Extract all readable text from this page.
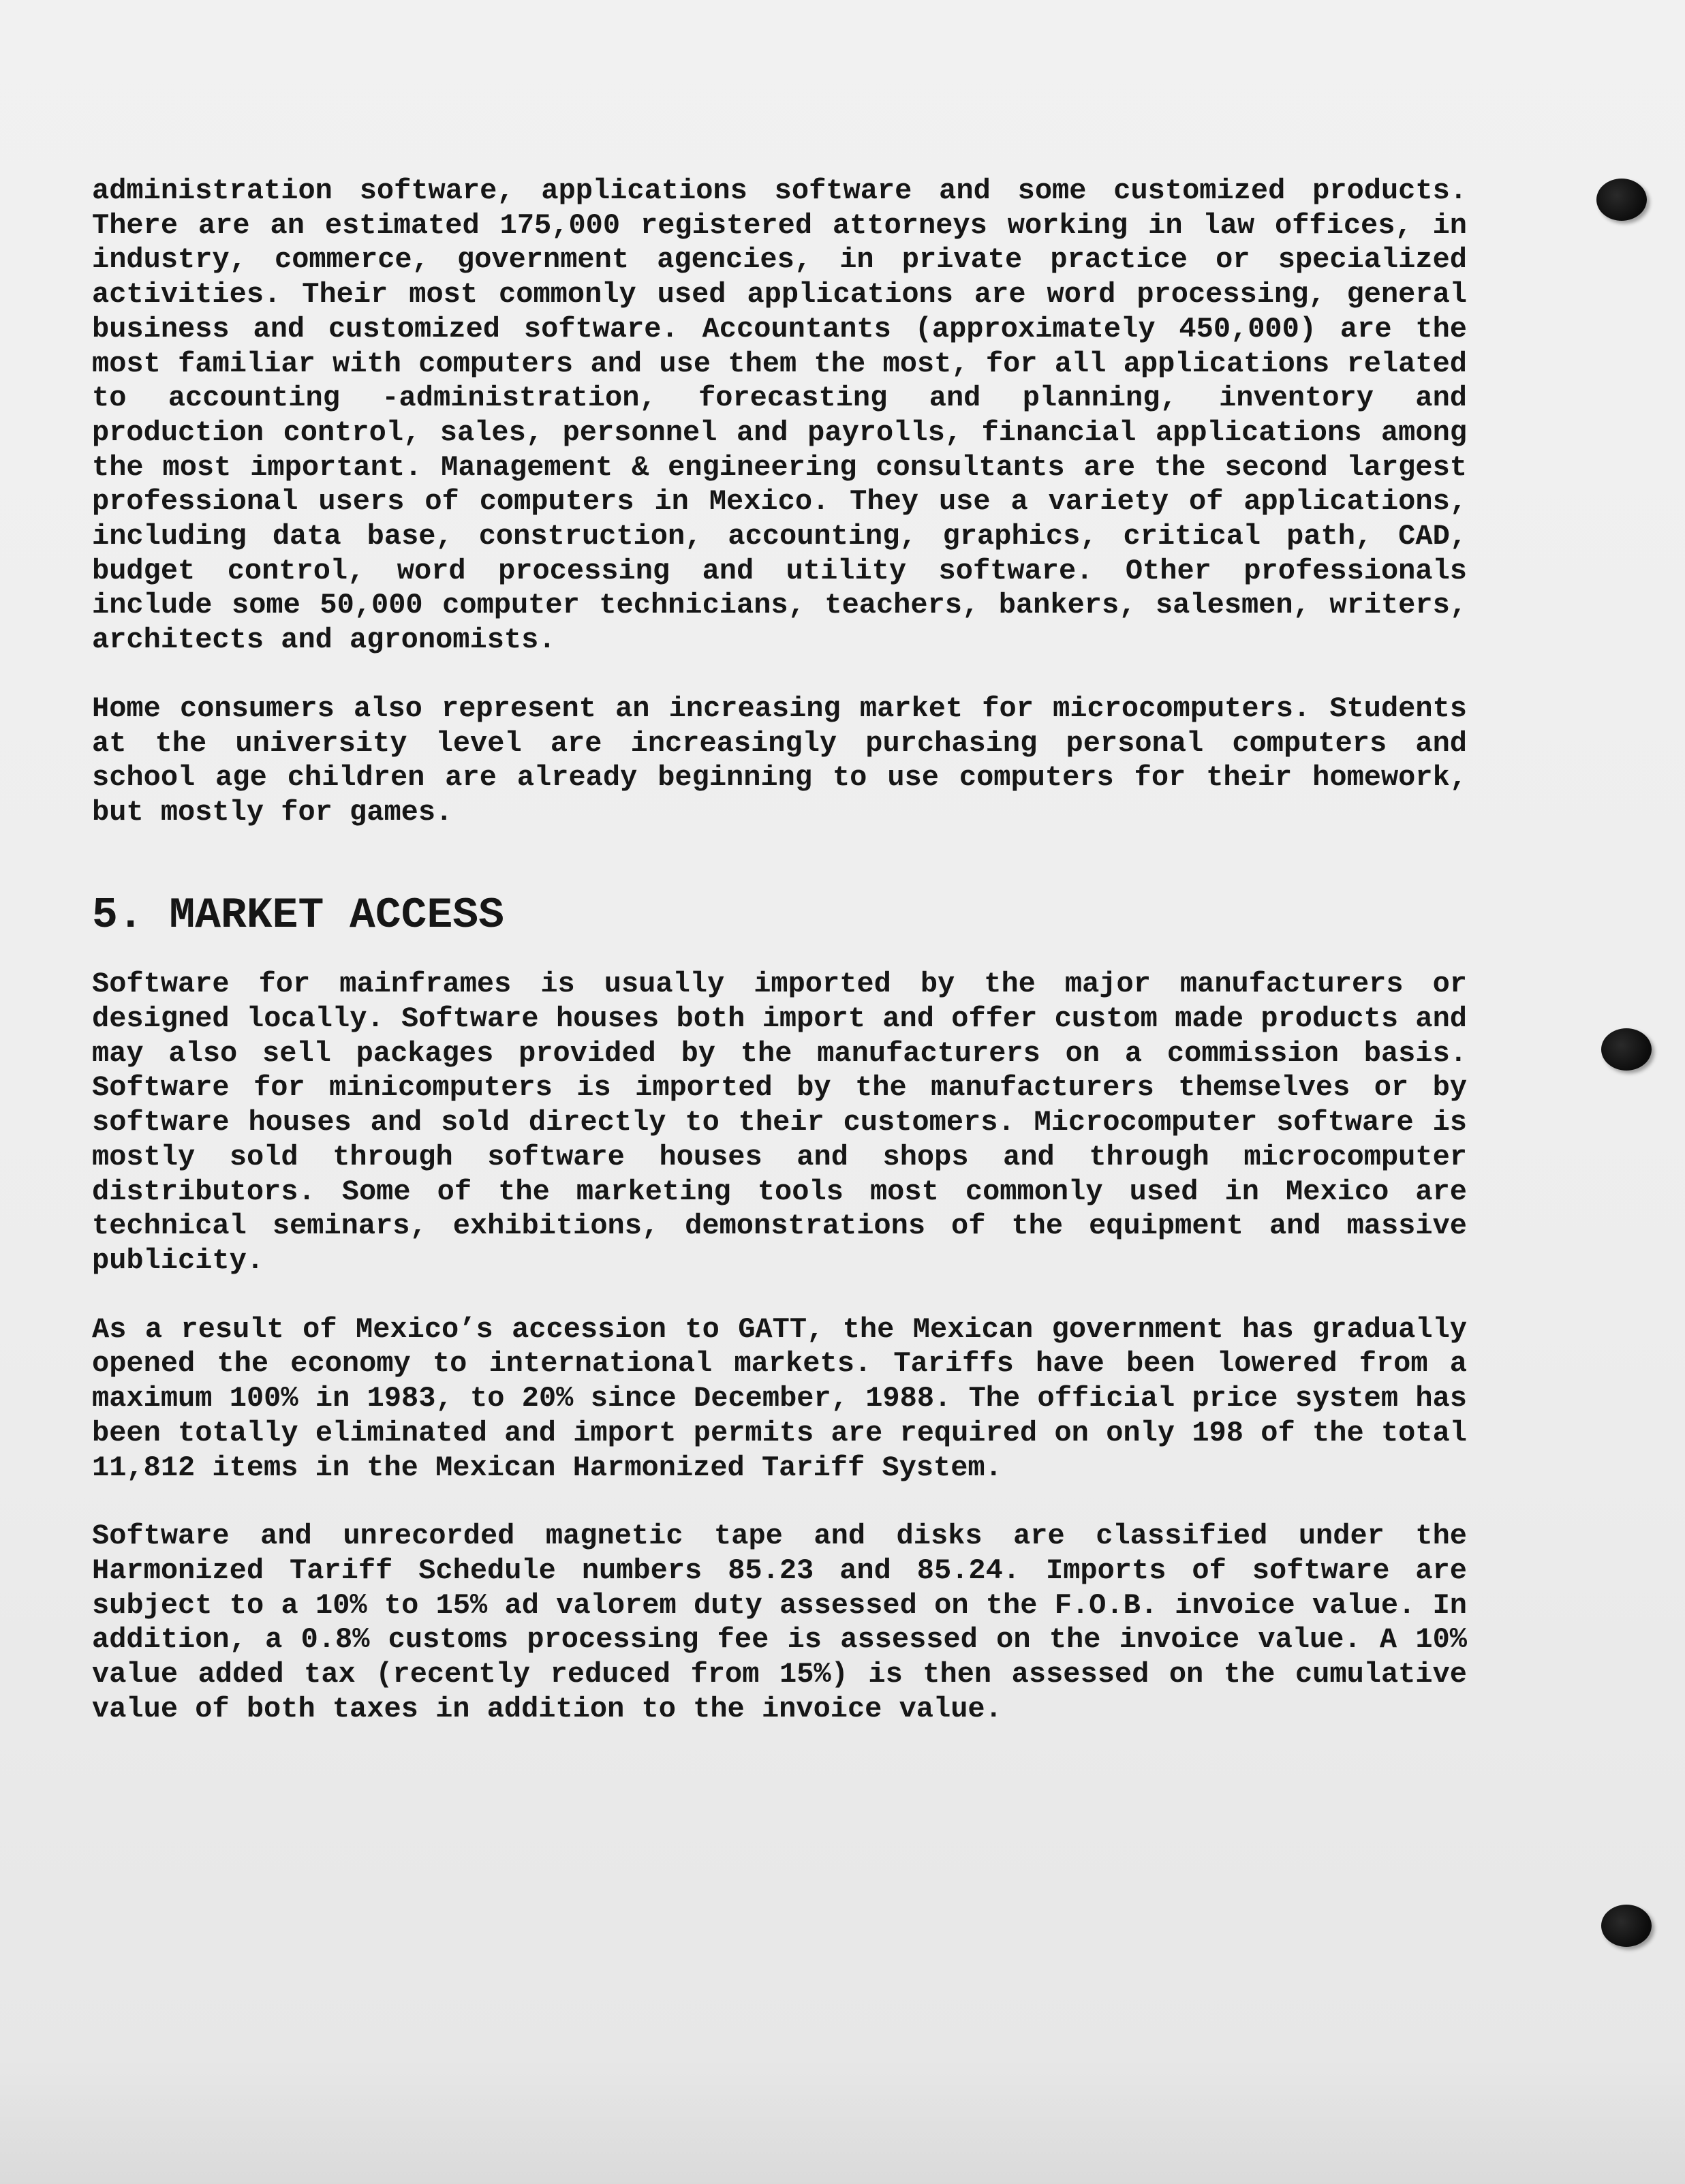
administration software, applications software and some customized products. There are an estimated 175,000 registered attorneys working in law offices, in industry, commerce, government agencies, in private practice or specialized activities. Their most commonly used applications are word processing, general business and customized software. Accountants (approximately 450,000) are the most familiar with computers and use them the most, for all applications related to accounting -administration, forecasting and planning, inventory and production control, sales, personnel and payrolls, financial applications among the most important. Management & engineering consultants are the second largest professional users of computers in Mexico. They use a variety of applications, including data base, construction, accounting, graphics, critical path, CAD, budget control, word processing and utility software. Other professionals include some 50,000 computer technicians, teachers, bankers, salesmen, writers, architects and agronomists.

Home consumers also represent an increasing market for microcomputers. Students at the university level are increasingly purchasing personal computers and school age children are already beginning to use computers for their homework, but mostly for games.

5. MARKET ACCESS

Software for mainframes is usually imported by the major manufacturers or designed locally. Software houses both import and offer custom made products and may also sell packages provided by the manufacturers on a commission basis. Software for minicomputers is imported by the manufacturers themselves or by software houses and sold directly to their customers. Microcomputer software is mostly sold through software houses and shops and through microcomputer distributors. Some of the marketing tools most commonly used in Mexico are technical seminars, exhibitions, demonstrations of the equipment and massive publicity.

As a result of Mexico’s accession to GATT, the Mexican government has gradually opened the economy to international markets. Tariffs have been lowered from a maximum 100% in 1983, to 20% since December, 1988. The official price system has been totally eliminated and import permits are required on only 198 of the total 11,812 items in the Mexican Harmonized Tariff System.

Software and unrecorded magnetic tape and disks are classified under the Harmonized Tariff Schedule numbers 85.23 and 85.24. Imports of software are subject to a 10% to 15% ad valorem duty assessed on the F.O.B. invoice value. In addition, a 0.8% customs processing fee is assessed on the invoice value. A 10% value added tax (recently reduced from 15%) is then assessed on the cumulative value of both taxes in addition to the invoice value.
